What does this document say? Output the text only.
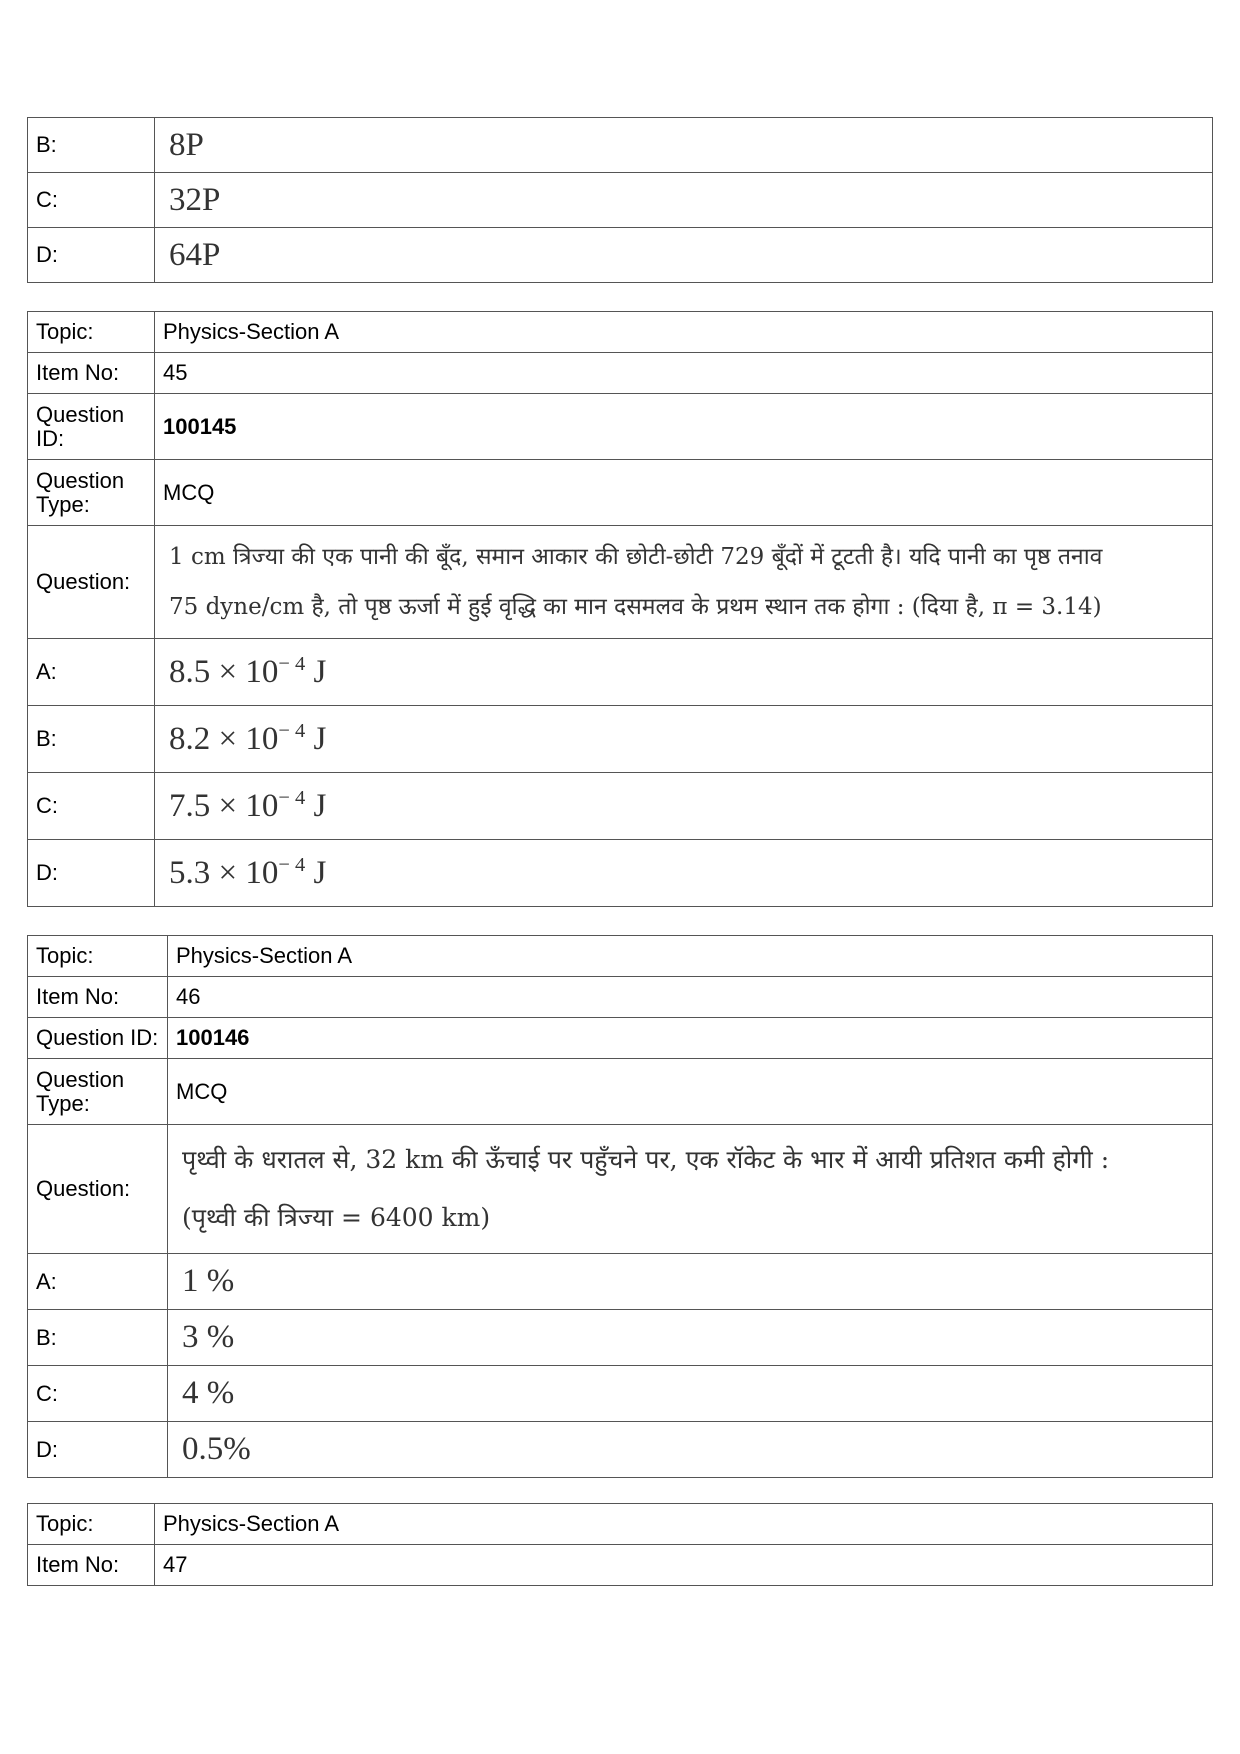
B:	8P
C:	32P
D:	64P
Topic:	Physics-Section A
Item No:	45
Question ID:	100145
Question Type:	MCQ
Question:	1 cm त्रिज्या की एक पानी की बूँद, समान आकार की छोटी-छोटी 729 बूँदों में टूटती है। यदि पानी का पृष्ठ तनाव
75 dyne/cm है, तो पृष्ठ ऊर्जा में हुई वृद्धि का मान दसमलव के प्रथम स्थान तक होगा : (दिया है, π = 3.14)

A:	$8.5 \times 10^{- 4}$ J
B:	$8.2 \times 10^{- 4}$ J
C:	$7.5 \times 10^{- 4}$ J
D:	$5.3 \times 10^{- 4}$ J
Topic:	Physics-Section A
Item No:	46
Question ID:	100146
Question Type:	MCQ
Question:	पृथ्वी के धरातल से, 32 km की ऊँचाई पर पहुँचने पर, एक रॉकेट के भार में आयी प्रतिशत कमी होगी :
(पृथ्वी की त्रिज्या = 6400 km)

A:	1 %
B:	3 %
C:	4 %
D:	0.5%
Topic:	Physics-Section A
Item No:	47
